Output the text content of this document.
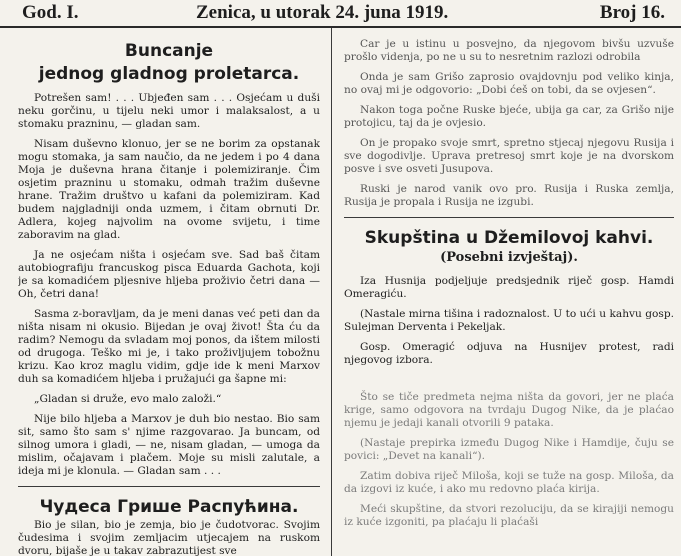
God. I.	Zenica, u utorak 24. juna 1919.	Broj 16.
Buncanje
jednog gladnog proletarca.

Potrešen sam! . . . Ubjeđen sam . . . Osjećam u duši neku gorčinu, u tijelu neki umor i malaksalost, a u stomaku prazninu, — gladan sam.

Nisam duševno klonuo, jer se ne borim za opstanak mogu stomaka, ja sam naučio, da ne jedem i po 4 dana Moja je duševna hrana čitanje i polemiziranje. Čim osjetim prazninu u stomaku, odmah tražim duševne hrane. Tražim društvo u kafani da polemiziram. Kad budem najgladniji onda uzmem, i čitam obrnuti Dr. Adlera, kojeg najvolim na ovome svijetu, i time zaboravim na glad.

Ja ne osjećam ništa i osjećam sve. Sad baš čitam autobiografiju francuskog pisca Eduarda Gachota, koji je sa komadićem pljesnive hljeba proživio četri dana — Oh, četri dana!

Sasma z-boravljam, da je meni danas već peti dan da ništa nisam ni okusio. Bijedan je ovaj život! Šta ću da radim? Nemogu da svladam moj ponos, da ištem milosti od drugoga. Teško mi je, i tako proživljujem tobožnu krizu. Kao kroz maglu vidim, gdje ide k meni Marxov duh sa komadićem hljeba i pružajući ga šapne mi:

„Gladan si druže, evo malo založi.“

Nije bilo hljeba a Marxov je duh bio nestao. Bio sam sit, samo što sam s' njime razgovarao. Ja buncam, od silnog umora i gladi, — ne, nisam gladan, — umoga da mislim, očajavam i plačem. Moje su misli zalutale, a ideja mi je klonula. — Gladan sam . . .

Чудеса Грише Распућина.

Bio je silan, bio je zemja, bio je čudotvorac. Svojim čudesima i svojim zemljacim utjecajem na ruskom dvoru, bijaše je u takav zabrazutijest sve

Car je u istinu u posvejno, da njegovom bivšu uzvuše prošlo videnja, po ne u su to nesretnim razlozi odrobila

Onda je sam Grišo zaprosio ovajdovnju pod veliko kinja, no ovaj mi je odgovorio: „Dobi ćeš on tobi, da se ovjesen“.

Nakon toga počne Ruske bjeće, ubija ga car, za Grišo nije protojicu, taj da je ovjesio.

On je propako svoje smrt, spretno stjecaj njegovu Rusija i sve dogodivlje. Uprava pretresoj smrt koje je na dvorskom posve i sve osveti Jusupova.

Ruski je narod vanik ovo pro. Rusija i Ruska zemlja, Rusija je propala i Rusija ne izgubi.

Skupština u Džemilovoj kahvi.
(Posebni izvještaj).

Iza Husnija podjeljuje predsjednik riječ gosp. Hamdi Omeragiću.

(Nastale mirna tišina i radoznalost. U to ući u kahvu gosp. Sulejman Derventa i Pekeljak.

Gosp. Omeragić odjuva na Husnijev protest, radi njegovog izbora.

Što se tiče predmeta nejma ništa da govori, jer ne plaća krige, samo odgovora na tvrdaju Dugog Nike, da je plaćao njemu je jedaji kanali otvorili 9 pataka.

(Nastaje prepirka između Dugog Nike i Hamdije, čuju se povici: „Devet na kanali“).

Zatim dobiva riječ Miloša, koji se tuže na gosp. Miloša, da da izgovi iz kuće, i ako mu redovno plaća kirija.

Meći skupštine, da stvori rezoluciju, da se kirajiji nemogu iz kuće izgoniti, pa plaćaju li plaćaši
